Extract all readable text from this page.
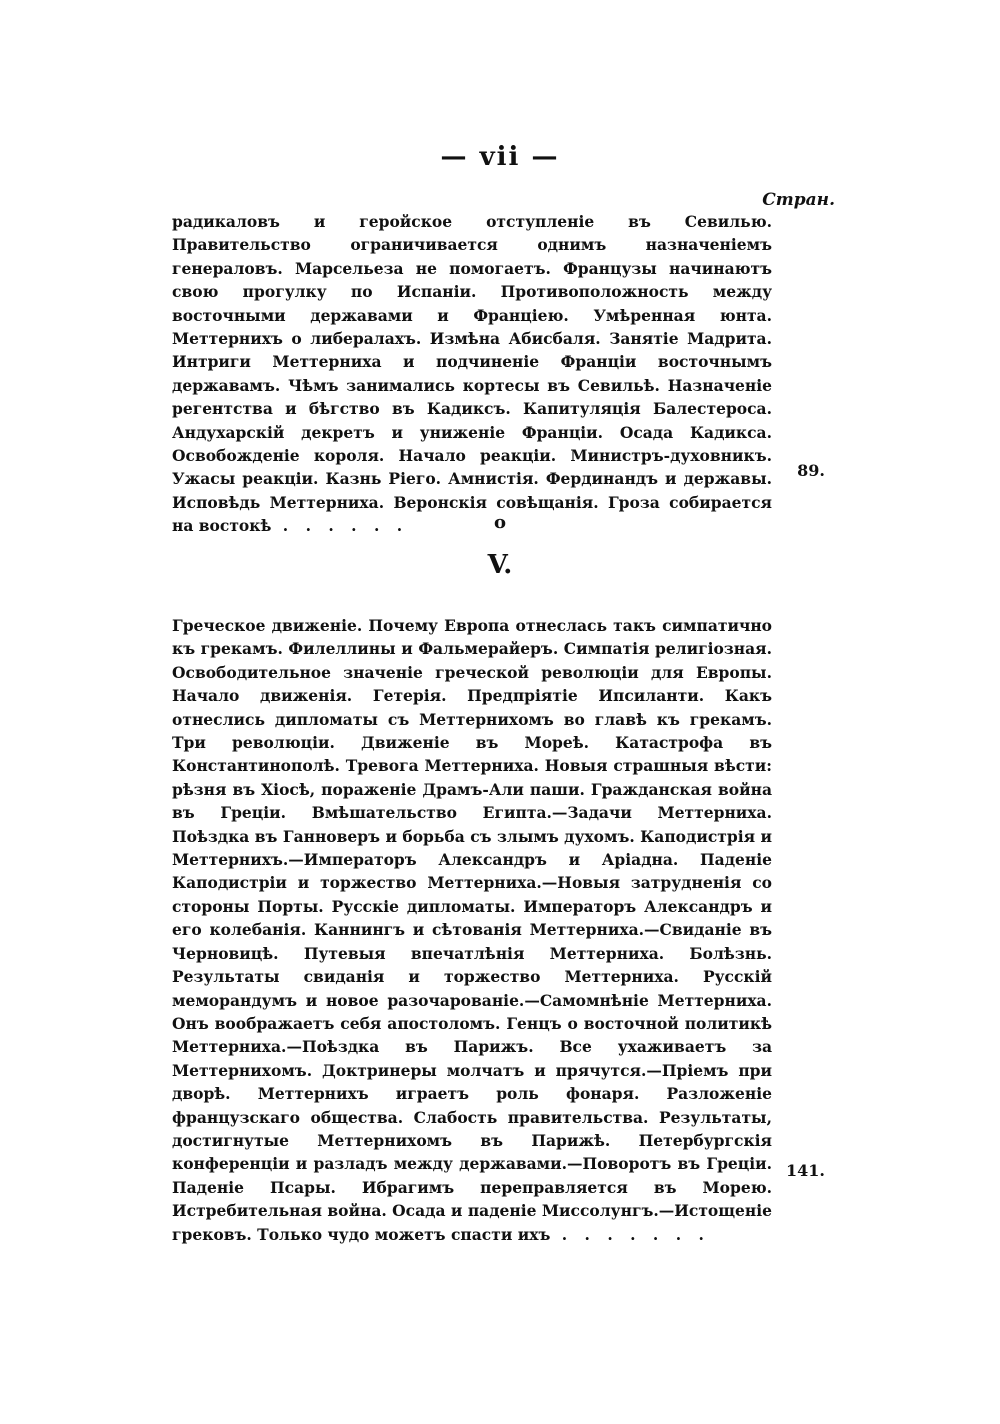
— vii —
Стран.
радикаловъ и геройское отступленіе въ Севилью. Правительство ограничивается однимъ назначеніемъ генераловъ. Марсельеза не помогаетъ. Французы начинаютъ свою прогулку по Испаніи. Противоположность между восточными державами и Франціею. Умѣренная юнта. Меттернихъ о либералахъ. Измѣна Абисбаля. Занятіе Мадрита. Интриги Меттерниха и подчиненіе Франціи восточнымъ державамъ. Чѣмъ занимались кортесы въ Севильѣ. Назначеніе регентства и бѣгство въ Кадиксъ. Капитуляція Балестероса. Андухарскій декретъ и униженіе Франціи. Осада Кадикса. Освобожденіе короля. Начало реакціи. Министръ-духовникъ. Ужасы реакціи. Казнь Ріего. Амнистія. Фердинандъ и державы. Исповѣдь Меттерниха. Веронскія совѣщанія. Гроза собирается на востокѣ . . . . . .
89.
o
V.
Греческое движеніе. Почему Европа отнеслась такъ симпатично къ грекамъ. Филеллины и Фальмерайеръ. Симпатія религіозная. Освободительное значеніе греческой революціи для Европы. Начало движенія. Гетерія. Предпріятіе Ипсиланти. Какъ отнеслись дипломаты съ Меттернихомъ во главѣ къ грекамъ. Три революціи. Движеніе въ Мореѣ. Катастрофа въ Константинополѣ. Тревога Меттерниха. Новыя страшныя вѣсти: рѣзня въ Хіосѣ, пораженіе Драмъ-Али паши. Гражданская война въ Греціи. Вмѣшательство Египта.—Задачи Меттерниха. Поѣздка въ Ганноверъ и борьба съ злымъ духомъ. Каподистрія и Меттернихъ.—Императоръ Александръ и Аріадна. Паденіе Каподистріи и торжество Меттерниха.—Новыя затрудненія со стороны Порты. Русскіе дипломаты. Императоръ Александръ и его колебанія. Каннингъ и сѣтованія Меттерниха.—Свиданіе въ Черновицѣ. Путевыя впечатлѣнія Меттерниха. Болѣзнь. Результаты свиданія и торжество Меттерниха. Русскій меморандумъ и новое разочарованіе.—Самомнѣніе Меттерниха. Онъ воображаетъ себя апостоломъ. Генцъ о восточной политикѣ Меттерниха.—Поѣздка въ Парижъ. Все ухаживаетъ за Меттернихомъ. Доктринеры молчатъ и прячутся.—Пріемъ при дворѣ. Меттернихъ играетъ роль фонаря. Разложеніе французскаго общества. Слабость правительства. Результаты, достигнутые Меттернихомъ въ Парижѣ. Петербургскія конференціи и разладъ между державами.—Поворотъ въ Греціи. Паденіе Псары. Ибрагимъ переправляется въ Морею. Истребительная война. Осада и паденіе Миссолунгъ.—Истощеніе грековъ. Только чудо можетъ спасти ихъ . . . . . . .
141.
